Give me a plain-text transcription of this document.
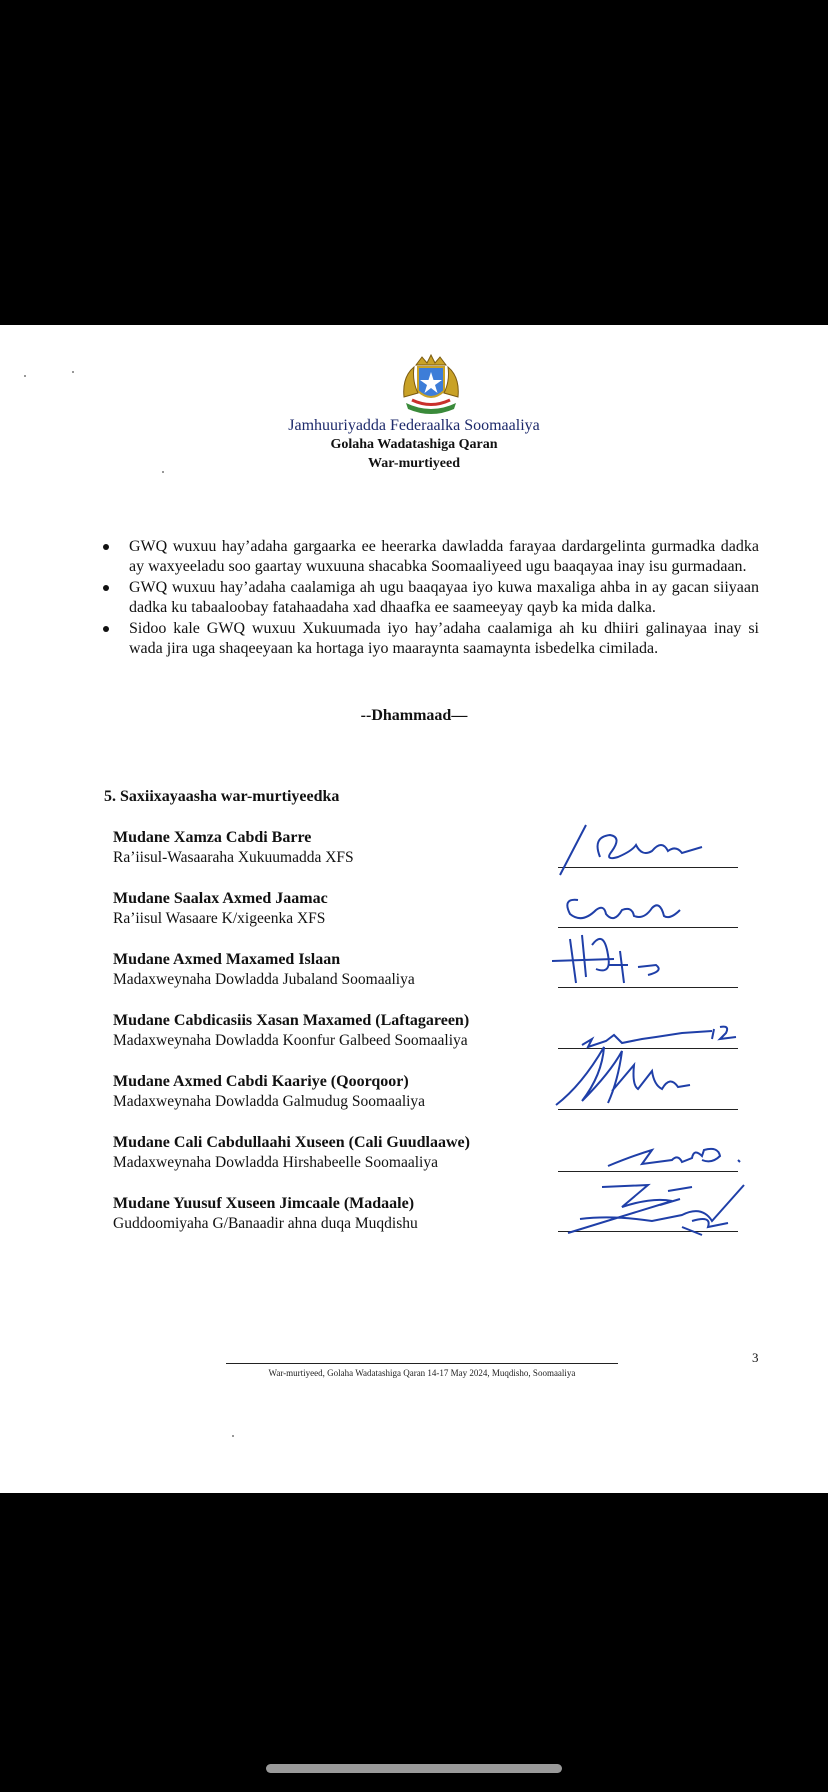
Jamhuuriyadda Federaalka Soomaaliya
Golaha Wadatashiga Qaran
War-murtiyeed
GWQ wuxuu hay’adaha gargaarka ee heerarka dawladda farayaa dardargelinta gurmadka dadka ay waxyeeladu soo gaartay wuxuuna shacabka Soomaaliyeed ugu baaqayaa inay isu gurmadaan.
GWQ wuxuu hay’adaha caalamiga ah ugu baaqayaa iyo kuwa maxaliga ahba in ay gacan siiyaan dadka ku tabaaloobay fatahaadaha xad dhaafka ee saameeyay qayb ka mida dalka.
Sidoo kale GWQ wuxuu Xukuumada iyo hay’adaha caalamiga ah ku dhiiri galinayaa inay si wada jira uga shaqeeyaan ka hortaga iyo maaraynta saamaynta isbedelka cimilada.
--Dhammaad—
5. Saxiixayaasha war-murtiyeedka
Mudane Xamza Cabdi Barre
Ra’iisul-Wasaaraha Xukuumadda XFS
Mudane Saalax Axmed Jaamac
Ra’iisul Wasaare K/xigeenka XFS
Mudane Axmed Maxamed Islaan
Madaxweynaha Dowladda Jubaland Soomaaliya
Mudane Cabdicasiis Xasan Maxamed (Laftagareen)
Madaxweynaha Dowladda Koonfur Galbeed Soomaaliya
Mudane Axmed Cabdi Kaariye (Qoorqoor)
Madaxweynaha Dowladda Galmudug Soomaaliya
Mudane Cali Cabdullaahi Xuseen (Cali Guudlaawe)
Madaxweynaha Dowladda Hirshabeelle Soomaaliya
Mudane Yuusuf Xuseen Jimcaale (Madaale)
Guddoomiyaha G/Banaadir ahna duqa Muqdishu
3
War-murtiyeed, Golaha Wadatashiga Qaran 14-17 May 2024, Muqdisho, Soomaaliya
